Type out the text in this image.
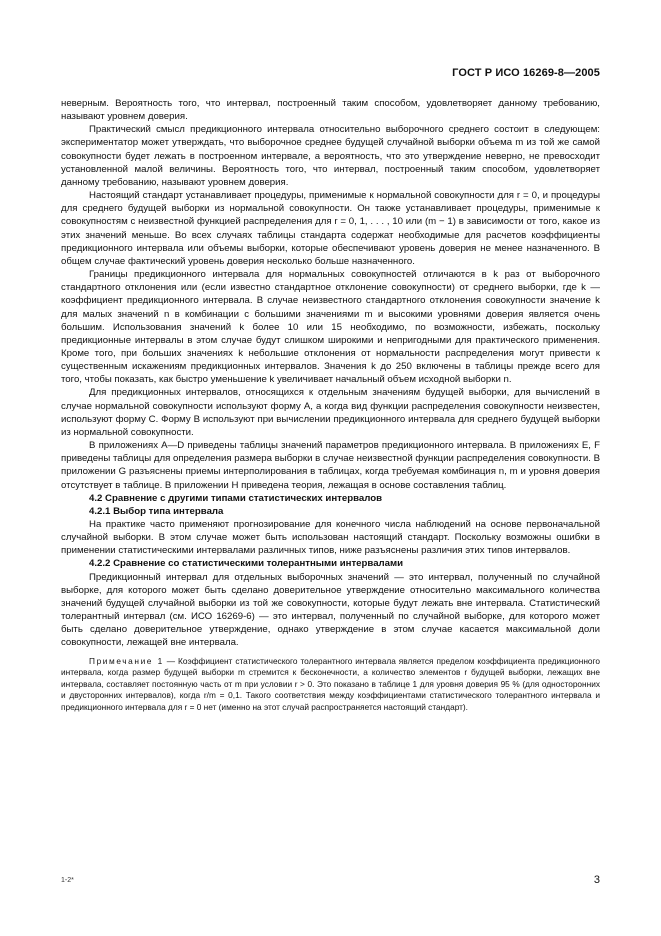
ГОСТ Р ИСО 16269-8—2005

неверным. Вероятность того, что интервал, построенный таким способом, удовлетворяет данному требованию, называют уровнем доверия.

Практический смысл предикционного интервала относительно выборочного среднего состоит в следующем: экспериментатор может утверждать, что выборочное среднее будущей случайной выборки объема m из той же самой совокупности будет лежать в построенном интервале, а вероятность, что это утверждение неверно, не превосходит установленной малой величины. Вероятность того, что интервал, построенный таким способом, удовлетворяет данному требованию, называют уровнем доверия.

Настоящий стандарт устанавливает процедуры, применимые к нормальной совокупности для r = 0, и процедуры для среднего будущей выборки из нормальной совокупности. Он также устанавливает процедуры, применимые к совокупностям с неизвестной функцией распределения для r = 0, 1, . . . , 10 или (m − 1) в зависимости от того, какое из этих значений меньше. Во всех случаях таблицы стандарта содержат необходимые для расчетов коэффициенты предикционного интервала или объемы выборки, которые обеспечивают уровень доверия не менее назначенного. В общем случае фактический уровень доверия несколько больше назначенного.

Границы предикционного интервала для нормальных совокупностей отличаются в k раз от выборочного стандартного отклонения или (если известно стандартное отклонение совокупности) от среднего выборки, где k — коэффициент предикционного интервала. В случае неизвестного стандартного отклонения совокупности значение k для малых значений n в комбинации с большими значениями m и высокими уровнями доверия является очень большим. Использования значений k более 10 или 15 необходимо, по возможности, избежать, поскольку предикционные интервалы в этом случае будут слишком широкими и непригодными для практического применения. Кроме того, при больших значениях k небольшие отклонения от нормальности распределения могут привести к существенным искажениям предикционных интервалов. Значения k до 250 включены в таблицы прежде всего для того, чтобы показать, как быстро уменьшение k увеличивает начальный объем исходной выборки n.

Для предикционных интервалов, относящихся к отдельным значениям будущей выборки, для вычислений в случае нормальной совокупности используют форму А, а когда вид функции распределения совокупности неизвестен, используют форму С. Форму В используют при вычислении предикционного интервала для среднего будущей выборки из нормальной совокупности.

В приложениях А—D приведены таблицы значений параметров предикционного интервала. В приложениях Е, F приведены таблицы для определения размера выборки в случае неизвестной функции распределения совокупности. В приложении G разъяснены приемы интерполирования в таблицах, когда требуемая комбинация n, m и уровня доверия отсутствует в таблице. В приложении Н приведена теория, лежащая в основе составления таблиц.

4.2 Сравнение с другими типами статистических интервалов

4.2.1 Выбор типа интервала

На практике часто применяют прогнозирование для конечного числа наблюдений на основе первоначальной случайной выборки. В этом случае может быть использован настоящий стандарт. Поскольку возможны ошибки в применении статистическими интервалами различных типов, ниже разъяснены различия этих типов интервалов.

4.2.2 Сравнение со статистическими толерантными интервалами

Предикционный интервал для отдельных выборочных значений — это интервал, полученный по случайной выборке, для которого может быть сделано доверительное утверждение относительно максимального количества значений будущей случайной выборки из той же совокупности, которые будут лежать вне интервала. Статистический толерантный интервал (см. ИСО 16269-6) — это интервал, полученный по случайной выборке, для которого может быть сделано доверительное утверждение, однако утверждение в этом случае касается максимальной доли совокупности, лежащей вне интервала.

Примечание 1 — Коэффициент статистического толерантного интервала является пределом коэффициента предикционного интервала, когда размер будущей выборки m стремится к бесконечности, а количество элементов r будущей выборки, лежащих вне интервала, составляет постоянную часть от m при условии r > 0. Это показано в таблице 1 для уровня доверия 95 % (для односторонних и двусторонних интервалов), когда r/m = 0,1. Такого соответствия между коэффициентами статистического толерантного интервала и предикционного интервала для r = 0 нет (именно на этот случай распространяется настоящий стандарт).

1-2*	3
